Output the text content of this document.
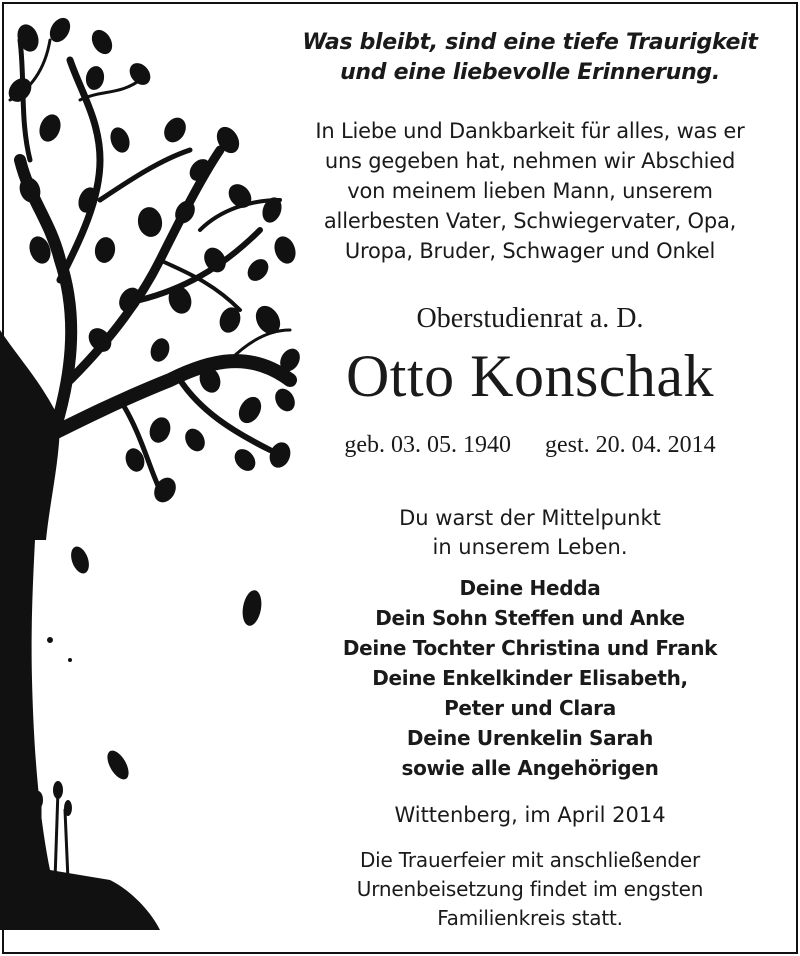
Was bleibt, sind eine tiefe Traurigkeit
und eine liebevolle Erinnerung.
In Liebe und Dankbarkeit für alles, was er
uns gegeben hat, nehmen wir Abschied
von meinem lieben Mann, unserem
allerbesten Vater, Schwiegervater, Opa,
Uropa, Bruder, Schwager und Onkel
Oberstudienrat a. D.
Otto Konschak
geb. 03. 05. 1940 gest. 20. 04. 2014
Du warst der Mittelpunkt
in unserem Leben.
Deine Hedda
Dein Sohn Steffen und Anke
Deine Tochter Christina und Frank
Deine Enkelkinder Elisabeth,
Peter und Clara
Deine Urenkelin Sarah
sowie alle Angehörigen
Wittenberg, im April 2014
Die Trauerfeier mit anschließender
Urnenbeisetzung findet im engsten
Familienkreis statt.
